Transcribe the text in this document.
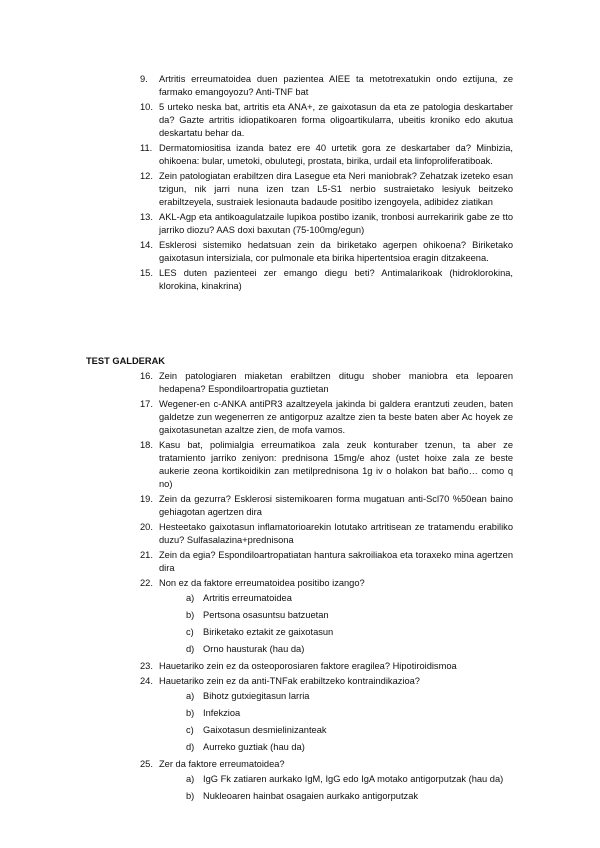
9. Artritis erreumatoidea duen pazientea AIEE ta metotrexatukin ondo eztijuna, ze farmako emangoyozu? Anti-TNF bat
10. 5 urteko neska bat, artritis eta ANA+, ze gaixotasun da eta ze patologia deskartaber da? Gazte artritis idiopatikoaren forma oligoartikularra, ubeitis kroniko edo akutua deskartatu behar da.
11. Dermatomiositisa izanda batez ere 40 urtetik gora ze deskartaber da? Minbizia, ohikoena: bular, umetoki, obulutegi, prostata, birika, urdail eta linfoproliferatiboak.
12. Zein patologiatan erabiltzen dira Lasegue eta Neri maniobrak? Zehatzak izeteko esan tzigun, nik jarri nuna izen tzan L5-S1 nerbio sustraietako lesiyuk beitzeko erabiltzeyela, sustraiek lesionauta badaude positibo izengoyela, adibidez ziatikan
13. AKL-Agp eta antikoagulatzaile lupikoa postibo izanik, tronbosi aurrekaririk gabe ze tto jarriko diozu? AAS doxi baxutan (75-100mg/egun)
14. Esklerosi sistemiko hedatsuan zein da biriketako agerpen ohikoena? Biriketako gaixotasun intersiziala, cor pulmonale eta birika hipertentsioa eragin ditzakeena.
15. LES duten pazienteei zer emango diegu beti? Antimalarikoak (hidroklorokina, klorokina, kinakrina)
TEST GALDERAK
16. Zein patologiaren miaketan erabiltzen ditugu shober maniobra eta lepoaren hedapena? Espondiloartropatia guztietan
17. Wegener-en c-ANKA antiPR3 azaltzeyela jakinda bi galdera erantzuti zeuden, baten galdetze zun wegenerren ze antigorpuz azaltze zien ta beste baten aber Ac hoyek ze gaixotasunetan azaltze zien, de mofa vamos.
18. Kasu bat, polimialgia erreumatikoa zala zeuk konturaber tzenun, ta aber ze tratamiento jarriko zeniyon: prednisona 15mg/e ahoz (ustet hoixe zala ze beste aukerie zeona kortikoidikin zan metilprednisona 1g iv o holakon bat baño… como q no)
19. Zein da gezurra? Esklerosi sistemikoaren forma mugatuan anti-Scl70 %50ean baino gehiagotan agertzen dira
20. Hesteetako gaixotasun inflamatorioarekin lotutako artritisean ze tratamendu erabiliko duzu? Sulfasalazina+prednisona
21. Zein da egia? Espondiloartropatiatan hantura sakroiliakoa eta toraxeko mina agertzen dira
22. Non ez da faktore erreumatoidea positibo izango?
a) Artritis erreumatoidea
b) Pertsona osasuntsu batzuetan
c) Biriketako eztakit ze gaixotasun
d) Orno hausturak (hau da)
23. Hauetariko zein ez da osteoporosiaren faktore eragilea? Hipotiroidismoa
24. Hauetariko zein ez da anti-TNFak erabiltzeko kontraindikazioa?
a) Bihotz gutxiegitasun larria
b) Infekzioa
c) Gaixotasun desmielinizanteak
d) Aurreko guztiak (hau da)
25. Zer da faktore erreumatoidea?
a) IgG Fk zatiaren aurkako IgM, IgG edo IgA motako antigorputzak (hau da)
b) Nukleoaren hainbat osagaien aurkako antigorputzak
